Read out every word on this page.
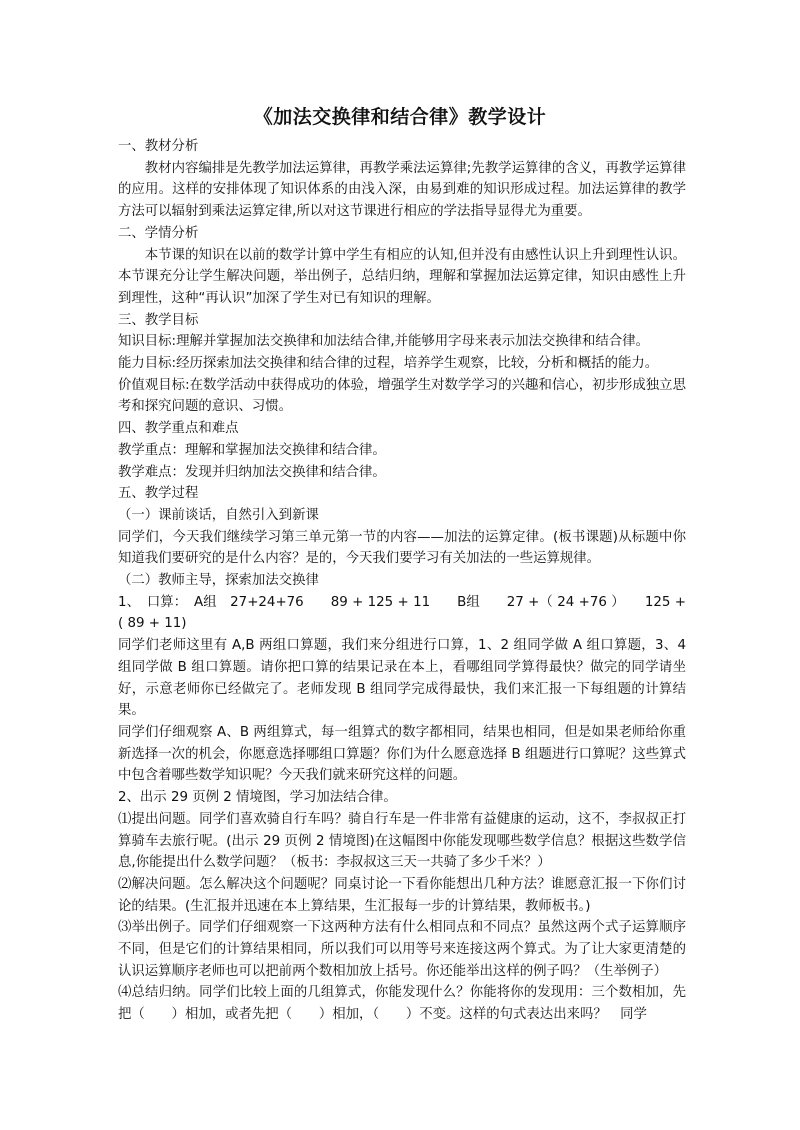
《加法交换律和结合律》教学设计

一、教材分析

教材内容编排是先教学加法运算律，再教学乘法运算律;先教学运算律的含义，再教学运算律的应用。这样的安排体现了知识体系的由浅入深，由易到难的知识形成过程。加法运算律的教学方法可以辐射到乘法运算定律,所以对这节课进行相应的学法指导显得尤为重要。

二、学情分析

本节课的知识在以前的数学计算中学生有相应的认知,但并没有由感性认识上升到理性认识。本节课充分让学生解决问题，举出例子，总结归纳，理解和掌握加法运算定律，知识由感性上升到理性，这种“再认识”加深了学生对已有知识的理解。

三、教学目标

知识目标:理解并掌握加法交换律和加法结合律,并能够用字母来表示加法交换律和结合律。

能力目标:经历探索加法交换律和结合律的过程，培养学生观察，比较，分析和概括的能力。

价值观目标:在数学活动中获得成功的体验，增强学生对数学学习的兴趣和信心，初步形成独立思考和探究问题的意识、习惯。

四、教学重点和难点

教学重点：理解和掌握加法交换律和结合律。

教学难点：发现并归纳加法交换律和结合律。

五、教学过程

（一）课前谈话，自然引入到新课

同学们，今天我们继续学习第三单元第一节的内容——加法的运算定律。(板书课题)从标题中你知道我们要研究的是什么内容？是的，今天我们要学习有关加法的一些运算规律。

（二）教师主导，探索加法交换律

1、　口算：　A组　27+24+76　　89 + 125 + 11　　B组　　27 +（ 24 +76 ）　　125 +( 89 + 11)

同学们老师这里有 A,B 两组口算题，我们来分组进行口算，1、2 组同学做 A 组口算题，3、4 组同学做 B 组口算题。请你把口算的结果记录在本上，看哪组同学算得最快？做完的同学请坐好，示意老师你已经做完了。老师发现 B 组同学完成得最快，我们来汇报一下每组题的计算结果。

同学们仔细观察 A、B 两组算式，每一组算式的数字都相同，结果也相同，但是如果老师给你重新选择一次的机会，你愿意选择哪组口算题？你们为什么愿意选择 B 组题进行口算呢？这些算式中包含着哪些数学知识呢？今天我们就来研究这样的问题。

2、出示 29 页例 2 情境图，学习加法结合律。

⑴提出问题。同学们喜欢骑自行车吗？骑自行车是一件非常有益健康的运动，这不，李叔叔正打算骑车去旅行呢。(出示 29 页例 2 情境图)在这幅图中你能发现哪些数学信息？根据这些数学信息,你能提出什么数学问题？（板书：李叔叔这三天一共骑了多少千米？）

⑵解决问题。怎么解决这个问题呢？同桌讨论一下看你能想出几种方法？谁愿意汇报一下你们讨论的结果。(生汇报并迅速在本上算结果，生汇报每一步的计算结果，教师板书。)

⑶举出例子。同学们仔细观察一下这两种方法有什么相同点和不同点？虽然这两个式子运算顺序不同，但是它们的计算结果相同，所以我们可以用等号来连接这两个算式。为了让大家更清楚的认识运算顺序老师也可以把前两个数相加放上括号。你还能举出这样的例子吗？（生举例子）

⑷总结归纳。同学们比较上面的几组算式，你能发现什么？你能将你的发现用：三个数相加，先把（　　）相加，或者先把（　　）相加，（　　）不变。这样的句式表达出来吗？　同学
